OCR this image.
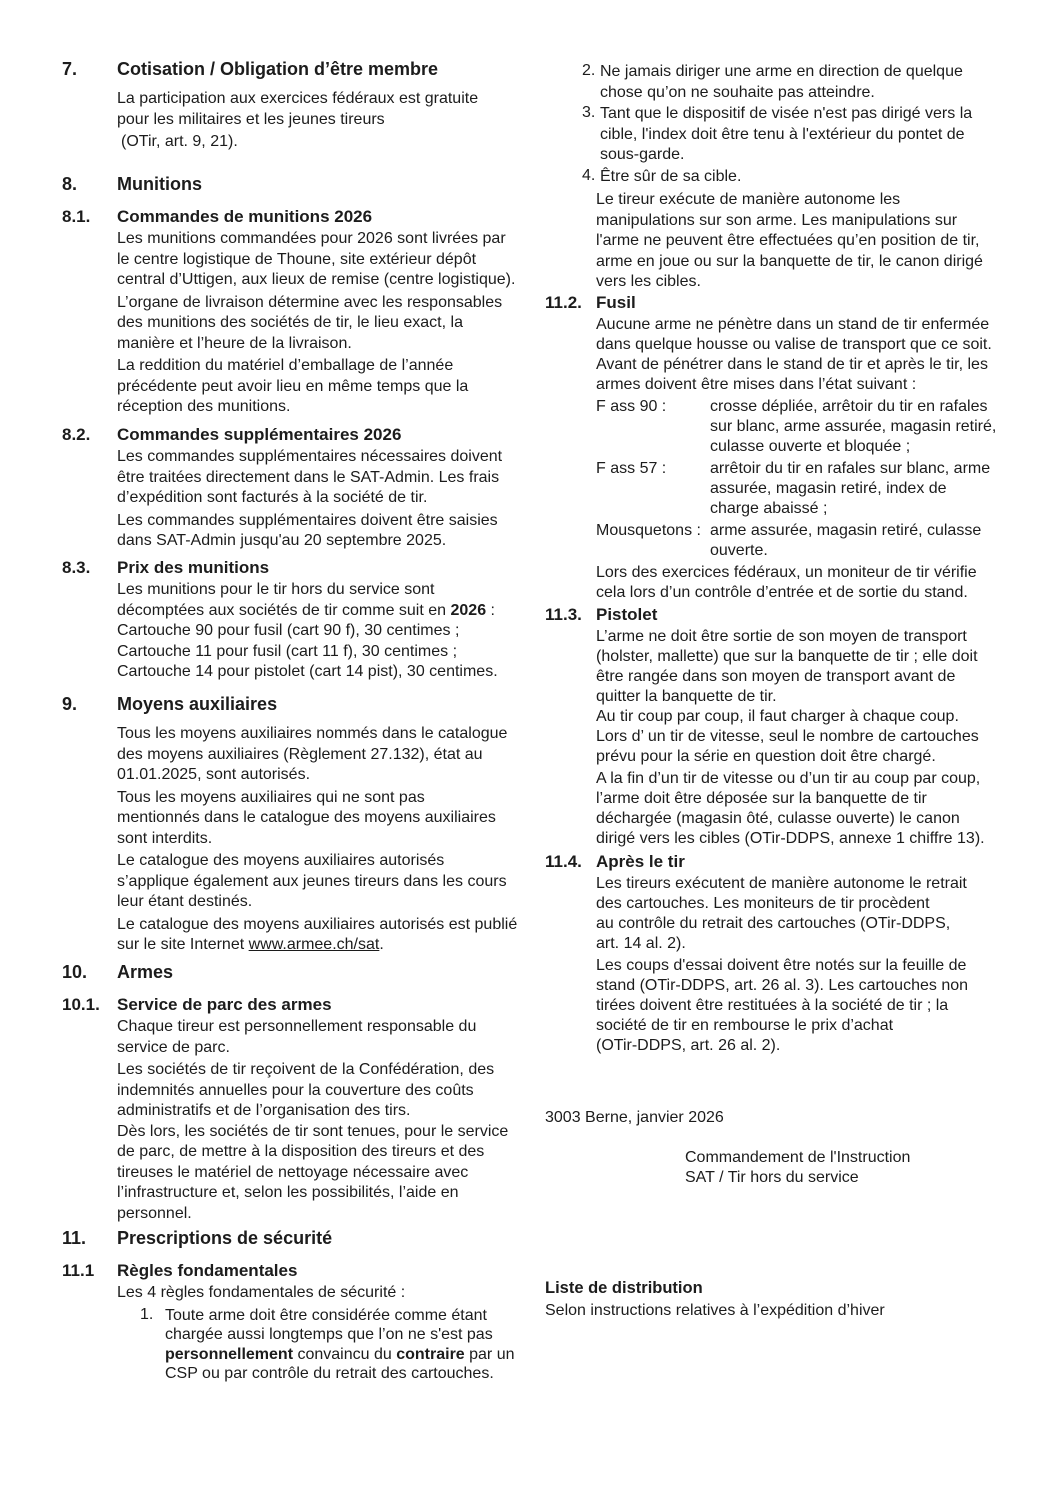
7.	Cotisation / Obligation d’être membre

La participation aux exercices fédéraux est gratuite
pour les militaires et les jeunes tireurs

(OTir, art. 9, 21).

8.	Munitions
8.1.	Commandes de munitions 2026

Les munitions commandées pour 2026 sont livrées par
le centre logistique de Thoune, site extérieur dépôt
central d’Uttigen, aux lieux de remise (centre logistique).

L’organe de livraison détermine avec les responsables
des munitions des sociétés de tir, le lieu exact, la
manière et l’heure de la livraison.

La reddition du matériel d’emballage de l’année
précédente peut avoir lieu en même temps que la
réception des munitions.

8.2.	Commandes supplémentaires 2026

Les commandes supplémentaires nécessaires doivent
être traitées directement dans le SAT-Admin. Les frais
d’expédition sont facturés à la société de tir.

Les commandes supplémentaires doivent être saisies
dans SAT-Admin jusqu'au 20 septembre 2025.

8.3.	Prix des munitions

Les munitions pour le tir hors du service sont
décomptées aux sociétés de tir comme suit en 2026 :
Cartouche 90 pour fusil (cart 90 f), 30 centimes ;
Cartouche 11 pour fusil (cart 11 f), 30 centimes ;
Cartouche 14 pour pistolet (cart 14 pist), 30 centimes.

9.	Moyens auxiliaires

Tous les moyens auxiliaires nommés dans le catalogue
des moyens auxiliaires (Règlement 27.132), état au
01.01.2025, sont autorisés.

Tous les moyens auxiliaires qui ne sont pas
mentionnés dans le catalogue des moyens auxiliaires
sont interdits.

Le catalogue des moyens auxiliaires autorisés
s’applique également aux jeunes tireurs dans les cours
leur étant destinés.

Le catalogue des moyens auxiliaires autorisés est publié
sur le site Internet www.armee.ch/sat.

10.	Armes
10.1.	Service de parc des armes

Chaque tireur est personnellement responsable du
service de parc.

Les sociétés de tir reçoivent de la Confédération, des
indemnités annuelles pour la couverture des coûts
administratifs et de l’organisation des tirs.
Dès lors, les sociétés de tir sont tenues, pour le service
de parc, de mettre à la disposition des tireurs et des
tireuses le matériel de nettoyage nécessaire avec
l’infrastructure et, selon les possibilités, l’aide en
personnel.

11.	Prescriptions de sécurité
11.1	Règles fondamentales

Les 4 règles fondamentales de sécurité :

1. Toute arme doit être considérée comme étant
chargée aussi longtemps que l’on ne s'est pas
personnellement convaincu du contraire par un
CSP ou par contrôle du retrait des cartouches.
2. Ne jamais diriger une arme en direction de quelque
chose qu’on ne souhaite pas atteindre.
3. Tant que le dispositif de visée n'est pas dirigé vers la
cible, l'index doit être tenu à l'extérieur du pontet de
sous-garde.
4. Être sûr de sa cible.

Le tireur exécute de manière autonome les
manipulations sur son arme. Les manipulations sur
l'arme ne peuvent être effectuées qu’en position de tir,
arme en joue ou sur la banquette de tir, le canon dirigé
vers les cibles.

11.2. Fusil

Aucune arme ne pénètre dans un stand de tir enfermée
dans quelque housse ou valise de transport que ce soit.
Avant de pénétrer dans le stand de tir et après le tir, les
armes doivent être mises dans l’état suivant :

F ass 90 :	crosse dépliée, arrêtoir du tir en rafales
sur blanc, arme assurée, magasin retiré,
culasse ouverte et bloquée ;
F ass 57 :	arrêtoir du tir en rafales sur blanc, arme
assurée, magasin retiré, index de
charge abaissé ;
Mousquetons : arme assurée, magasin retiré, culasse
ouverte.

Lors des exercices fédéraux, un moniteur de tir vérifie
cela lors d’un contrôle d’entrée et de sortie du stand.

11.3. Pistolet

L’arme ne doit être sortie de son moyen de transport
(holster, mallette) que sur la banquette de tir ; elle doit
être rangée dans son moyen de transport avant de
quitter la banquette de tir.
Au tir coup par coup, il faut charger à chaque coup.
Lors d’ un tir de vitesse, seul le nombre de cartouches
prévu pour la série en question doit être chargé.

A la fin d’un tir de vitesse ou d’un tir au coup par coup,
l’arme doit être déposée sur la banquette de tir
déchargée (magasin ôté, culasse ouverte) le canon
dirigé vers les cibles (OTir-DDPS, annexe 1 chiffre 13).

11.4. Après le tir

Les tireurs exécutent de manière autonome le retrait
des cartouches. Les moniteurs de tir procèdent
au contrôle du retrait des cartouches (OTir-DDPS,
art. 14 al. 2).

Les coups d'essai doivent être notés sur la feuille de
stand (OTir-DDPS, art. 26 al. 3). Les cartouches non
tirées doivent être restituées à la société de tir ; la
société de tir en rembourse le prix d’achat
(OTir-DDPS, art. 26 al. 2).

3003 Berne, janvier 2026
Commandement de l'Instruction
SAT / Tir hors du service
Liste de distribution
Selon instructions relatives à l’expédition d’hiver
